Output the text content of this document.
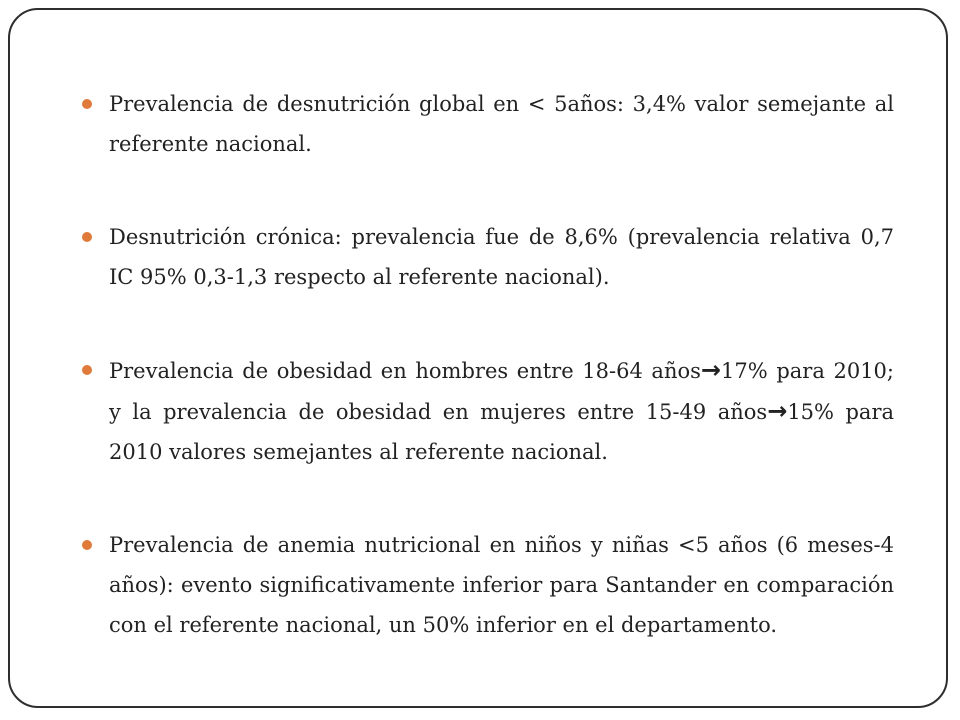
Prevalencia de desnutrición global en < 5años: 3,4% valor semejante al referente nacional.
Desnutrición crónica: prevalencia fue de 8,6% (prevalencia relativa 0,7 IC 95% 0,3-1,3 respecto al referente nacional).
Prevalencia de obesidad en hombres entre 18-64 años→17% para 2010; y la prevalencia de obesidad en mujeres entre 15-49 años→15% para 2010 valores semejantes al referente nacional.
Prevalencia de anemia nutricional en niños y niñas <5 años (6 meses-4 años): evento significativamente inferior para Santander en comparación con el referente nacional, un 50% inferior en el departamento.
